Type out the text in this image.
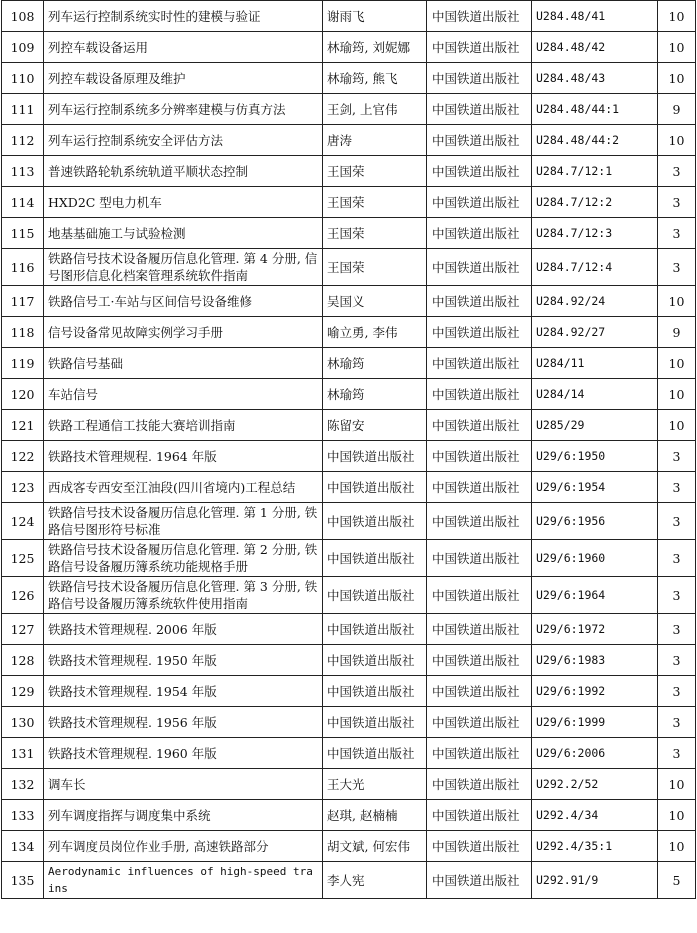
108	列车运行控制系统实时性的建模与验证	谢雨飞	中国铁道出版社	U284.48/41	10
109	列控车载设备运用	林瑜筠, 刘妮娜	中国铁道出版社	U284.48/42	10
110	列控车载设备原理及维护	林瑜筠, 熊飞	中国铁道出版社	U284.48/43	10
111	列车运行控制系统多分辨率建模与仿真方法	王剑, 上官伟	中国铁道出版社	U284.48/44:1	9
112	列车运行控制系统安全评估方法	唐涛	中国铁道出版社	U284.48/44:2	10
113	普速铁路轮轨系统轨道平顺状态控制	王国荣	中国铁道出版社	U284.7/12:1	3
114	HXD2C 型电力机车	王国荣	中国铁道出版社	U284.7/12:2	3
115	地基基础施工与试验检测	王国荣	中国铁道出版社	U284.7/12:3	3
116	铁路信号技术设备履历信息化管理. 第 4 分册, 信号图形信息化档案管理系统软件指南	王国荣	中国铁道出版社	U284.7/12:4	3
117	铁路信号工·车站与区间信号设备维修	吴国义	中国铁道出版社	U284.92/24	10
118	信号设备常见故障实例学习手册	喻立勇, 李伟	中国铁道出版社	U284.92/27	9
119	铁路信号基础	林瑜筠	中国铁道出版社	U284/11	10
120	车站信号	林瑜筠	中国铁道出版社	U284/14	10
121	铁路工程通信工技能大赛培训指南	陈留安	中国铁道出版社	U285/29	10
122	铁路技术管理规程. 1964 年版	中国铁道出版社	中国铁道出版社	U29/6:1950	3
123	西成客专西安至江油段(四川省境内)工程总结	中国铁道出版社	中国铁道出版社	U29/6:1954	3
124	铁路信号技术设备履历信息化管理. 第 1 分册, 铁路信号图形符号标准	中国铁道出版社	中国铁道出版社	U29/6:1956	3
125	铁路信号技术设备履历信息化管理. 第 2 分册, 铁路信号设备履历簿系统功能规格手册	中国铁道出版社	中国铁道出版社	U29/6:1960	3
126	铁路信号技术设备履历信息化管理. 第 3 分册, 铁路信号设备履历簿系统软件使用指南	中国铁道出版社	中国铁道出版社	U29/6:1964	3
127	铁路技术管理规程. 2006 年版	中国铁道出版社	中国铁道出版社	U29/6:1972	3
128	铁路技术管理规程. 1950 年版	中国铁道出版社	中国铁道出版社	U29/6:1983	3
129	铁路技术管理规程. 1954 年版	中国铁道出版社	中国铁道出版社	U29/6:1992	3
130	铁路技术管理规程. 1956 年版	中国铁道出版社	中国铁道出版社	U29/6:1999	3
131	铁路技术管理规程. 1960 年版	中国铁道出版社	中国铁道出版社	U29/6:2006	3
132	调车长	王大光	中国铁道出版社	U292.2/52	10
133	列车调度指挥与调度集中系统	赵琪, 赵楠楠	中国铁道出版社	U292.4/34	10
134	列车调度员岗位作业手册, 高速铁路部分	胡文斌, 何宏伟	中国铁道出版社	U292.4/35:1	10
135	Aerodynamic influences of high-speed trains	李人宪	中国铁道出版社	U292.91/9	5
